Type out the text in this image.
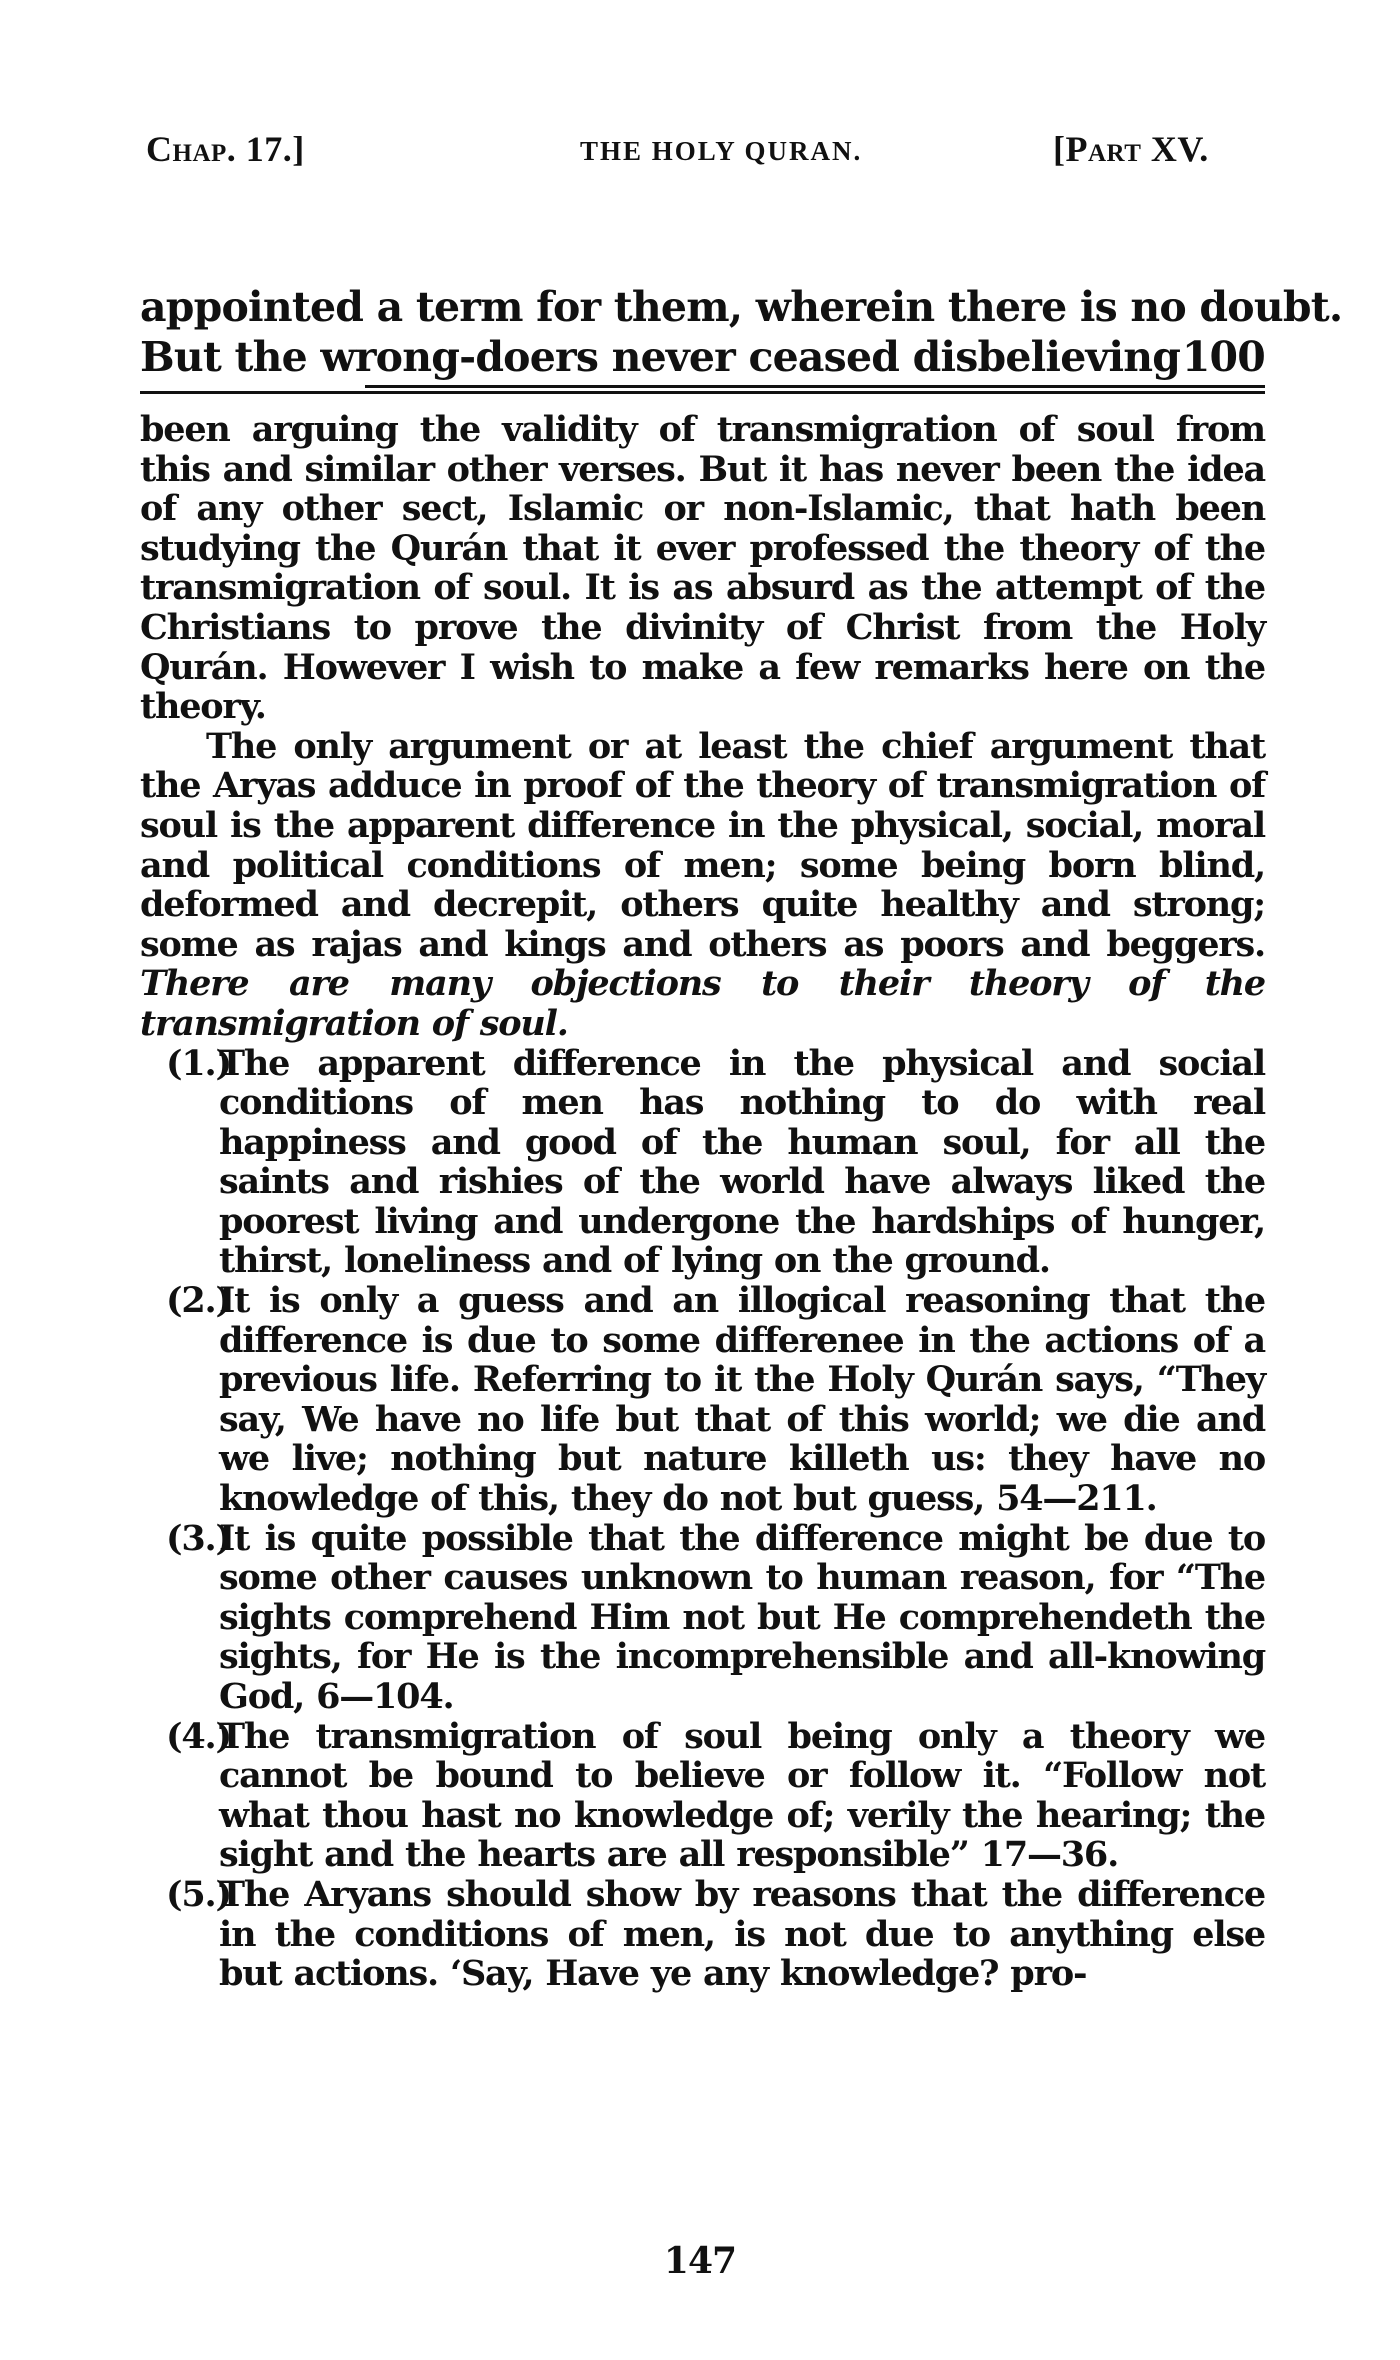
Chap. 17.]	THE HOLY QURAN.	[Part XV.
appointed a term for them, wherein there is no doubt.
But the wrong-doers never ceased disbelieving 100

been arguing the validity of transmigration of soul from this and similar other verses. But it has never been the idea of any other sect, Islamic or non-Islamic, that hath been studying the Qurán that it ever professed the theory of the transmigration of soul. It is as absurd as the attempt of the Christians to prove the divinity of Christ from the Holy Qurán. However I wish to make a few remarks here on the theory.

The only argument or at least the chief argument that the Aryas adduce in proof of the theory of transmigration of soul is the apparent difference in the physical, social, moral and political conditions of men; some being born blind, deformed and decrepit, others quite healthy and strong; some as rajas and kings and others as poors and beggers. There are many objections to their theory of the transmigration of soul.

(1.)
The apparent difference in the physical and social conditions of men has nothing to do with real happiness and good of the human soul, for all the saints and rishies of the world have always liked the poorest living and undergone the hardships of hunger, thirst, loneliness and of lying on the ground.

(2.)
It is only a guess and an illogical reasoning that the difference is due to some differenee in the actions of a previous life. Referring to it the Holy Qurán says, “They say, We have no life but that of this world; we die and we live; nothing but nature killeth us: they have no knowledge of this, they do not but guess, 54—211.

(3.)
It is quite possible that the difference might be due to some other causes unknown to human reason, for “The sights comprehend Him not but He comprehendeth the sights, for He is the incomprehensible and all-knowing God, 6—104.

(4.)
The transmigration of soul being only a theory we cannot be bound to believe or follow it. “Follow not what thou hast no knowledge of; verily the hearing; the sight and the hearts are all responsible” 17—36.

(5.)
The Aryans should show by reasons that the difference in the conditions of men, is not due to anything else but actions. ‘Say, Have ye any knowledge? pro-

147
